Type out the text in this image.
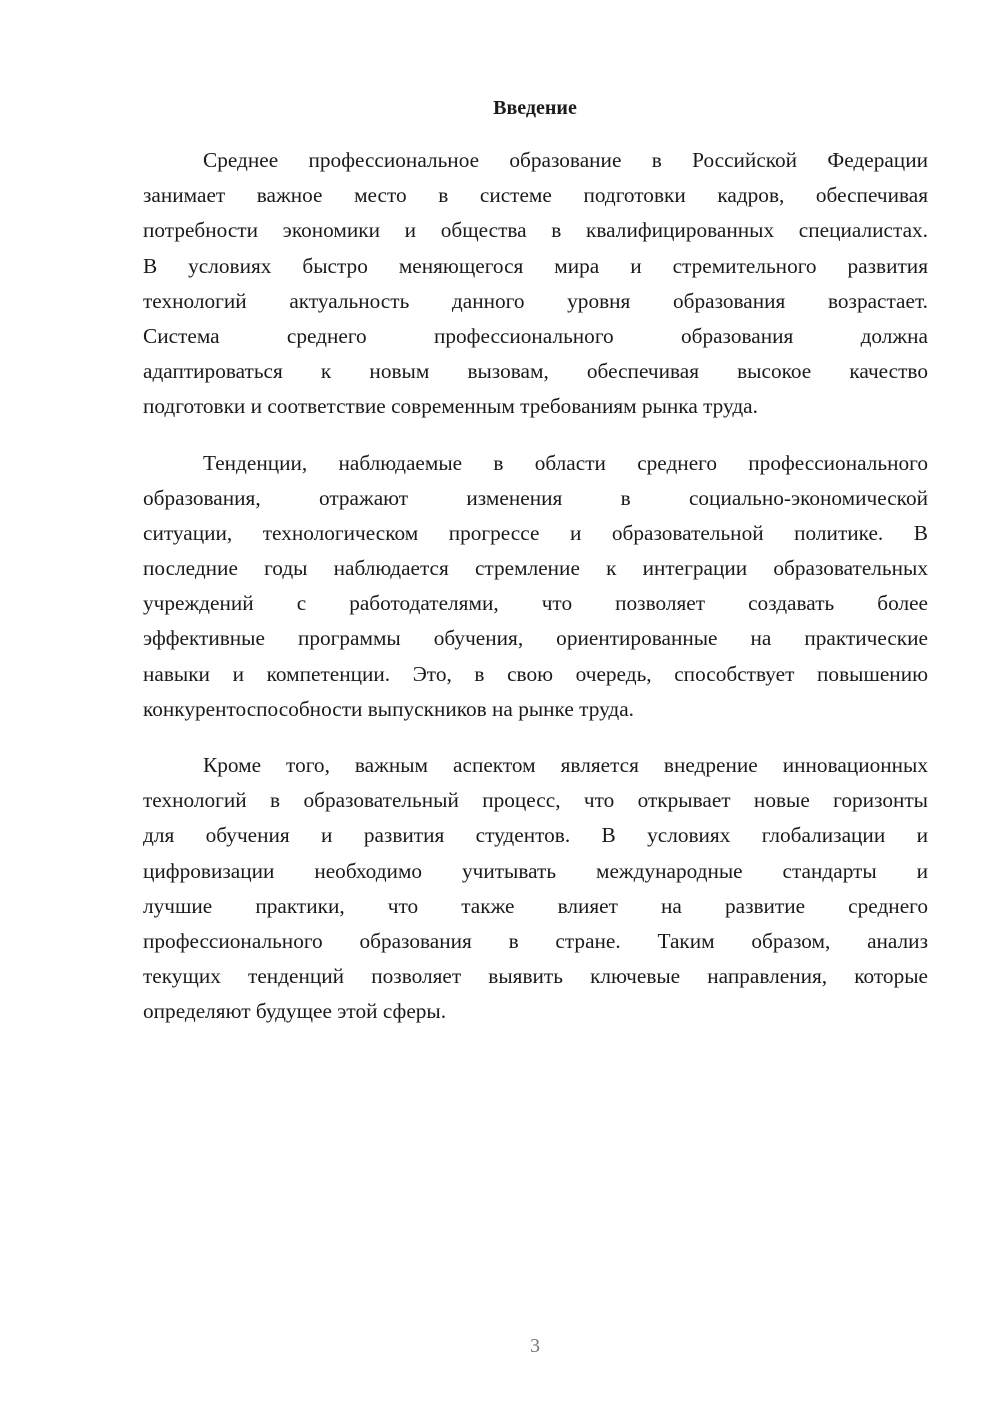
Введение
Среднее профессиональное образование в Российской Федерации
занимает важное место в системе подготовки кадров, обеспечивая
потребности экономики и общества в квалифицированных специалистах.
В условиях быстро меняющегося мира и стремительного развития
технологий актуальность данного уровня образования возрастает.
Система среднего профессионального образования должна
адаптироваться к новым вызовам, обеспечивая высокое качество
подготовки и соответствие современным требованиям рынка труда.
Тенденции, наблюдаемые в области среднего профессионального
образования, отражают изменения в социально-экономической
ситуации, технологическом прогрессе и образовательной политике. В
последние годы наблюдается стремление к интеграции образовательных
учреждений с работодателями, что позволяет создавать более
эффективные программы обучения, ориентированные на практические
навыки и компетенции. Это, в свою очередь, способствует повышению
конкурентоспособности выпускников на рынке труда.
Кроме того, важным аспектом является внедрение инновационных
технологий в образовательный процесс, что открывает новые горизонты
для обучения и развития студентов. В условиях глобализации и
цифровизации необходимо учитывать международные стандарты и
лучшие практики, что также влияет на развитие среднего
профессионального образования в стране. Таким образом, анализ
текущих тенденций позволяет выявить ключевые направления, которые
определяют будущее этой сферы.
3
